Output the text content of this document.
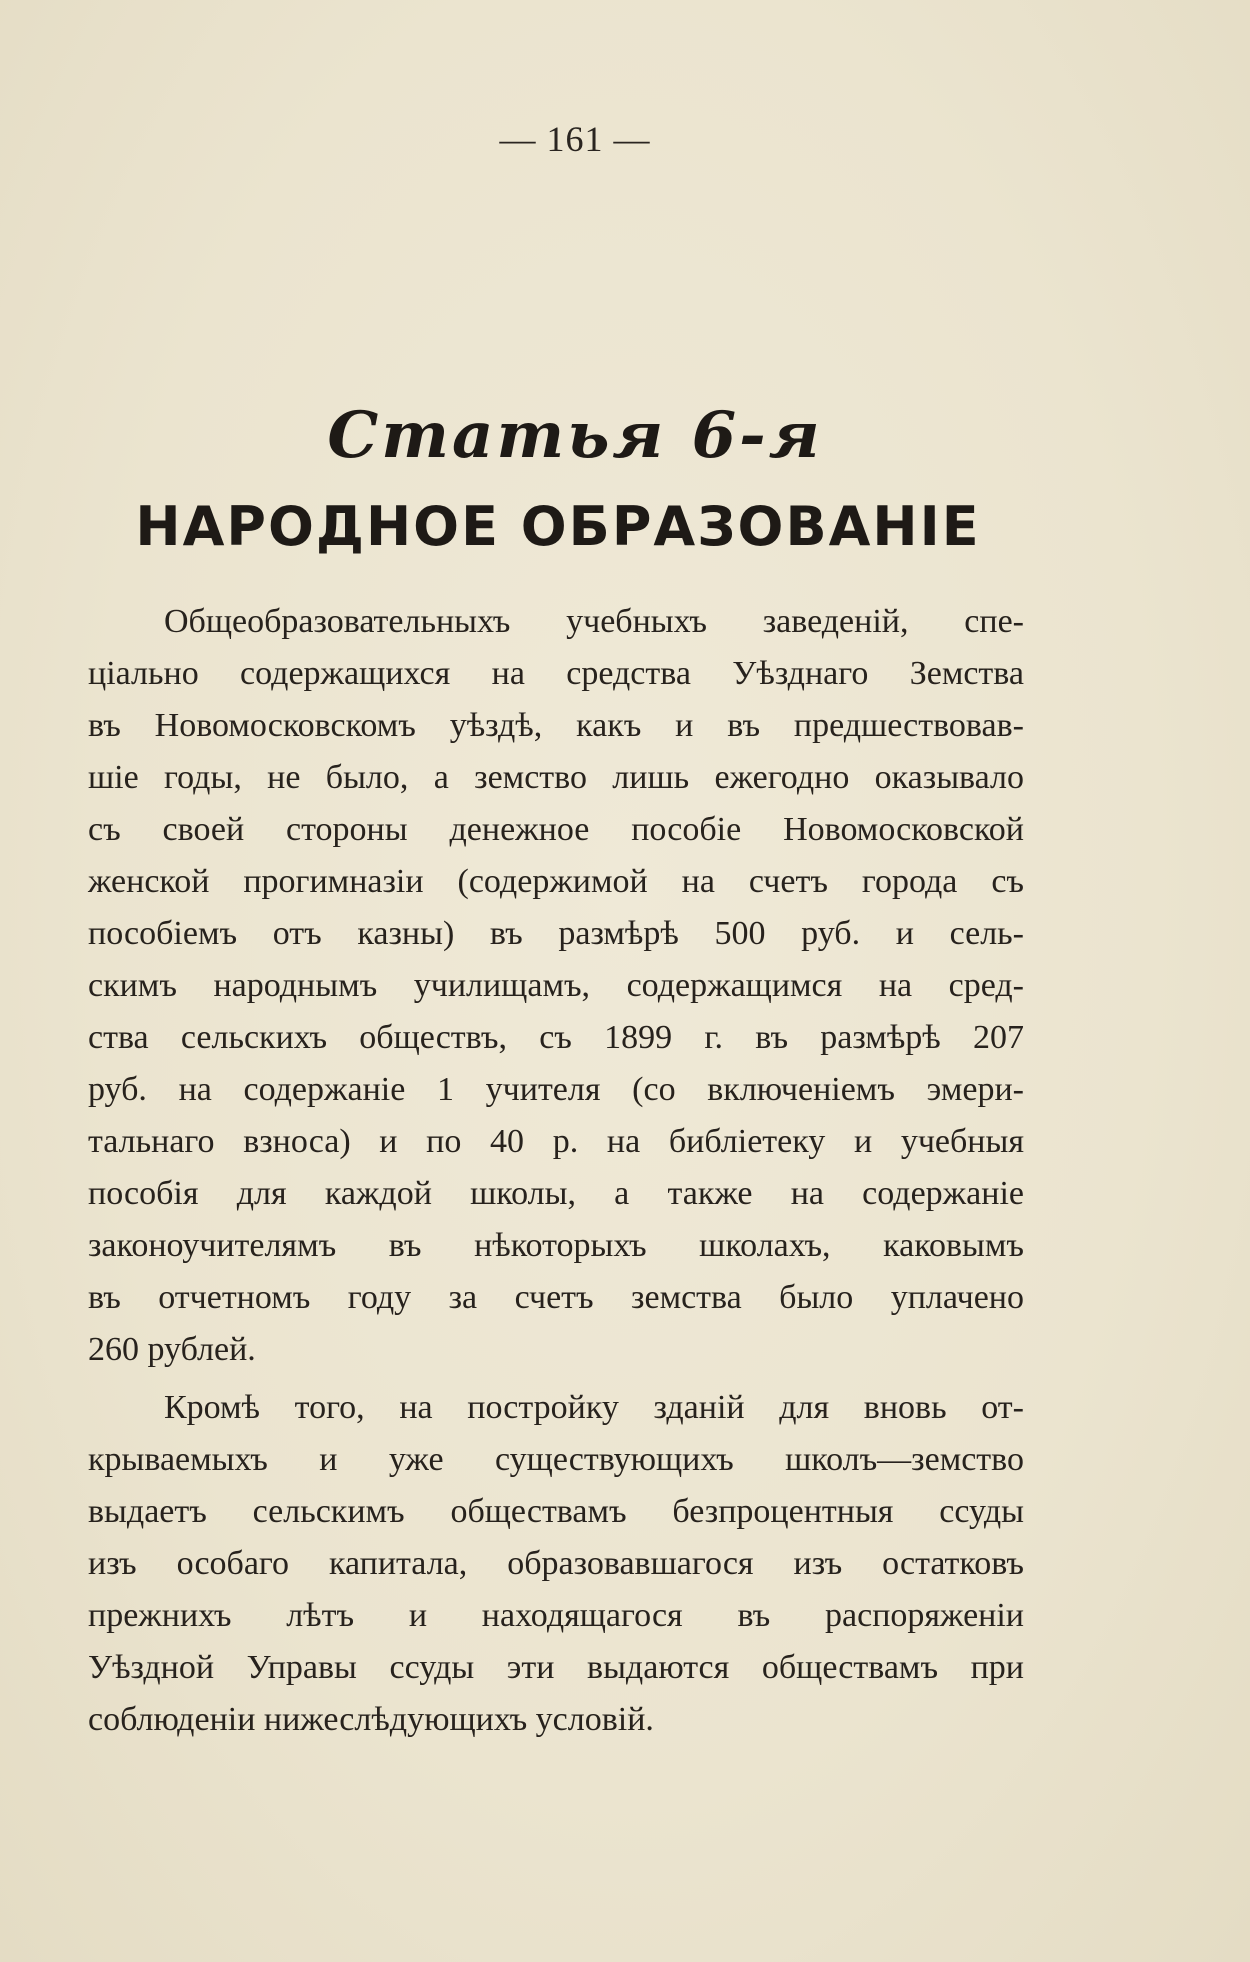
— 161 —
Статья 6-я
НАРОДНОЕ ОБРАЗОВАНІЕ
Общеобразовательныхъ учебныхъ заведеній, спе-
ціально содержащихся на средства Уѣзднаго Земства
въ Новомосковскомъ уѣздѣ, какъ и въ предшествовав-
шіе годы, не было, а земство лишь ежегодно оказывало
съ своей стороны денежное пособіе Новомосковской
женской прогимназіи (содержимой на счетъ города съ
пособіемъ отъ казны) въ размѣрѣ 500 руб. и сель-
скимъ народнымъ училищамъ, содержащимся на сред-
ства сельскихъ обществъ, съ 1899 г. въ размѣрѣ 207
руб. на содержаніе 1 учителя (со включеніемъ эмери-
тальнаго взноса) и по 40 р. на библіетеку и учебныя
пособія для каждой школы, а также на содержаніе
законоучителямъ въ нѣкоторыхъ школахъ, каковымъ
въ отчетномъ году за счетъ земства было уплачено
260 рублей.
Кромѣ того, на постройку зданій для вновь от-
крываемыхъ и уже существующихъ школъ—земство
выдаетъ сельскимъ обществамъ безпроцентныя ссуды
изъ особаго капитала, образовавшагося изъ остатковъ
прежнихъ лѣтъ и находящагося въ распоряженіи
Уѣздной Управы ссуды эти выдаются обществамъ при
соблюденіи нижеслѣдующихъ условій.
